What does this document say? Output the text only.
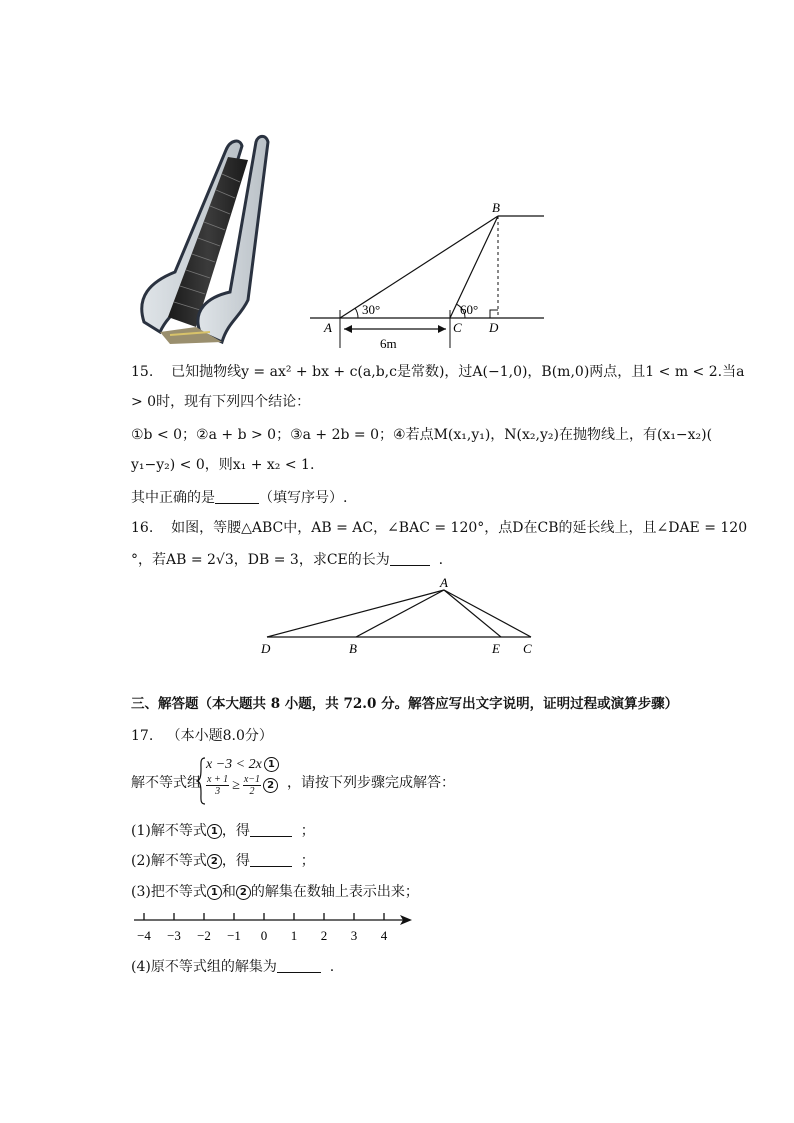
30°	60°
6m
A
B
C D
15. 已知抛物线y = ax² + bx + c(a,b,c是常数)，过A(−1,0)，B(m,0)两点，且1 < m < 2.当a
> 0时，现有下列四个结论：
①b < 0；②a + b > 0；③a + 2b = 0；④若点M(x₁,y₁)，N(x₂,y₂)在抛物线上，有(x₁−x₂)(
y₁−y₂) < 0，则x₁ + x₂ < 1.
其中正确的是	（填写序号）.
16. 如图，等腰△ABC中，AB = AC，∠BAC = 120°，点D在CB的延长线上，且∠DAE = 120
°，若AB = 2√3，DB = 3，求CE的长为	.
A
D	B	E C
三、解答题（本大题共 8 小题，共 72.0 分。解答应写出文字说明，证明过程或演算步骤）
17. （本小题8.0分）
解不等式组
x −3 < 2x 1
$\frac{x + 1}{3} \ge \frac{x-1}{2} 2$ ，请按下列步骤完成解答：
(1)解不等式 1 ，得	；
(2)解不等式 2 ，得	；
(3)把不等式 1 和 2 的解集在数轴上表示出来；
−4 −3 −2 −1 0 1 2 3 4
(4)原不等式组的解集为	.
